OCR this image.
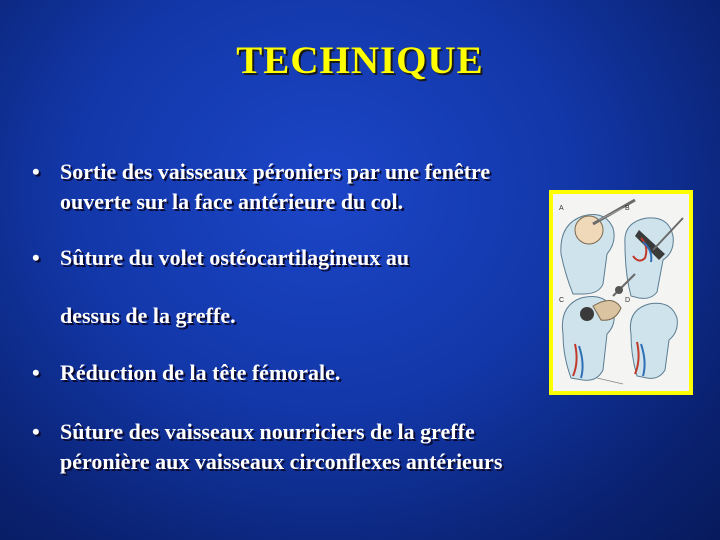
TECHNIQUE
• Sortie des vaisseaux péroniers par une fenêtre
ouverte sur la face antérieure du col.
• Sûture du volet ostéocartilagineux au
dessus de la greffe.
• Réduction de la tête fémorale.
• Sûture des vaisseaux nourriciers de la greffe
péronière aux vaisseaux circonflexes antérieurs
A	B
C	D
